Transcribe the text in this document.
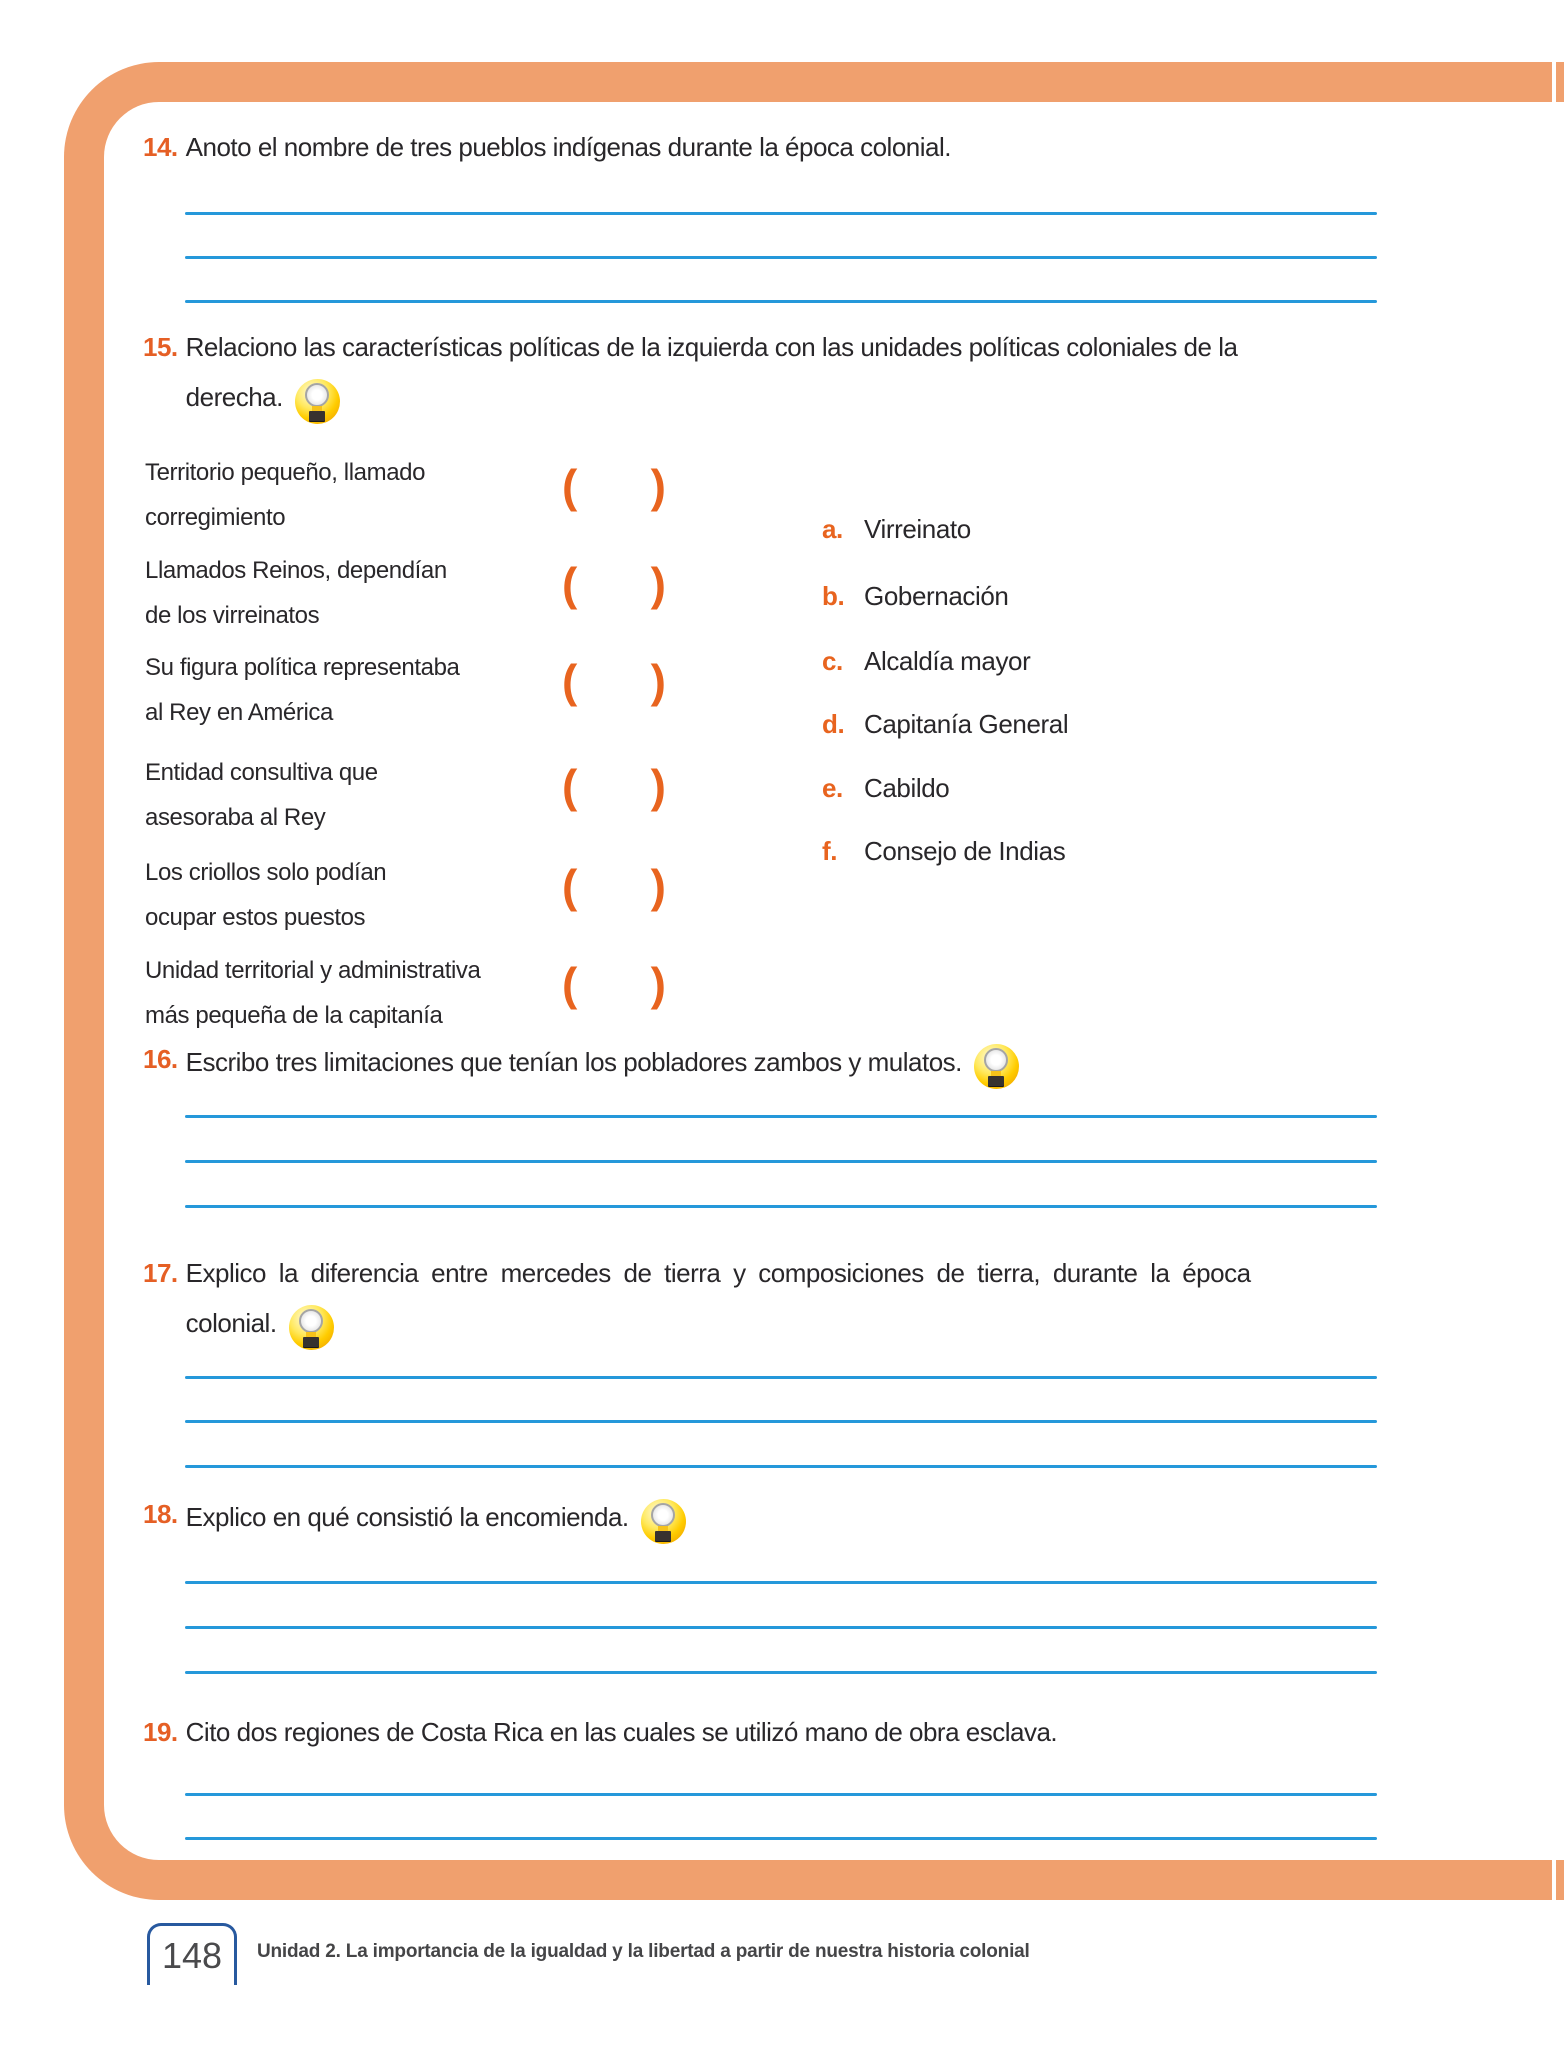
14. Anoto el nombre de tres pueblos indígenas durante la época colonial.
15. Relaciono las características políticas de la izquierda con las unidades políticas coloniales de la
derecha.
Territorio pequeño, llamado
corregimiento
Llamados Reinos, dependían
de los virreinatos
Su figura política representaba
al Rey en América
Entidad consultiva que
asesoraba al Rey
Los criollos solo podían
ocupar estos puestos
Unidad territorial y administrativa
más pequeña de la capitanía
( )
( )
( )
( )
( )
( )
a. Virreinato
b. Gobernación
c. Alcaldía mayor
d. Capitanía General
e. Cabildo
f.	Consejo de Indias
16. Escribo tres limitaciones que tenían los pobladores zambos y mulatos.
17. Explico la diferencia entre mercedes de tierra y composiciones de tierra, durante la época
colonial.
18. Explico en qué consistió la encomienda.
19. Cito dos regiones de Costa Rica en las cuales se utilizó mano de obra esclava.
148 Unidad 2. La importancia de la igualdad y la libertad a partir de nuestra historia colonial
